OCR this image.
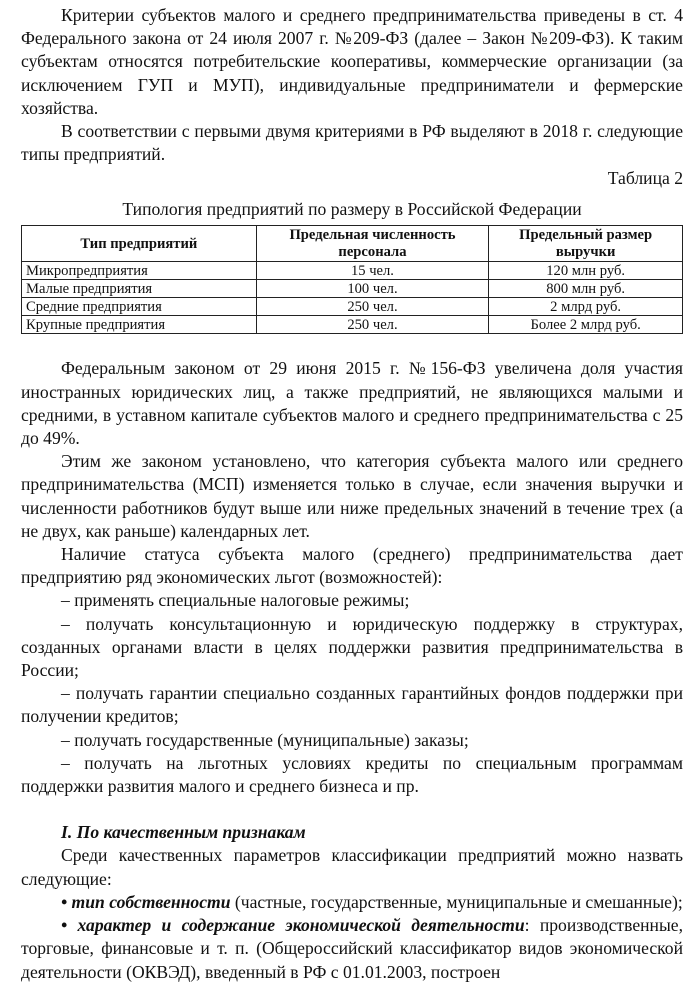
Критерии субъектов малого и среднего предпринимательства приведены в ст. 4 Федерального закона от 24 июля 2007 г. №209-ФЗ (далее – Закон №209-ФЗ). К таким субъектам относятся потребительские кооперативы, коммерческие организации (за исключением ГУП и МУП), индивидуальные предприниматели и фермерские хозяйства.

В соответствии с первыми двумя критериями в РФ выделяют в 2018 г. следующие типы предприятий.

Таблица 2

Типология предприятий по размеру в Российской Федерации

Тип предприятий	Предельная численность персонала	Предельный размер выручки
Микропредприятия	15 чел.	120 млн руб.
Малые предприятия	100 чел.	800 млн руб.
Средние предприятия	250 чел.	2 млрд руб.
Крупные предприятия	250 чел.	Более 2 млрд руб.

Федеральным законом от 29 июня 2015 г. №156-ФЗ увеличена доля участия иностранных юридических лиц, а также предприятий, не являющихся малыми и средними, в уставном капитале субъектов малого и среднего предпринимательства с 25 до 49%.

Этим же законом установлено, что категория субъекта малого или среднего предпринимательства (МСП) изменяется только в случае, если значения выручки и численности работников будут выше или ниже предельных значений в течение трех (а не двух, как раньше) календарных лет.

Наличие статуса субъекта малого (среднего) предпринимательства дает предприятию ряд экономических льгот (возможностей):

– применять специальные налоговые режимы;

– получать консультационную и юридическую поддержку в структурах, созданных органами власти в целях поддержки развития предпринимательства в России;

– получать гарантии специально созданных гарантийных фондов поддержки при получении кредитов;

– получать государственные (муниципальные) заказы;

– получать на льготных условиях кредиты по специальным программам поддержки развития малого и среднего бизнеса и пр.

I. По качественным признакам

Среди качественных параметров классификации предприятий можно назвать следующие:

• тип собственности (частные, государственные, муниципальные и смешанные);

• характер и содержание экономической деятельности: производственные, торговые, финансовые и т. п. (Общероссийский классификатор видов экономической деятельности (ОКВЭД), введенный в РФ с 01.01.2003, построен
